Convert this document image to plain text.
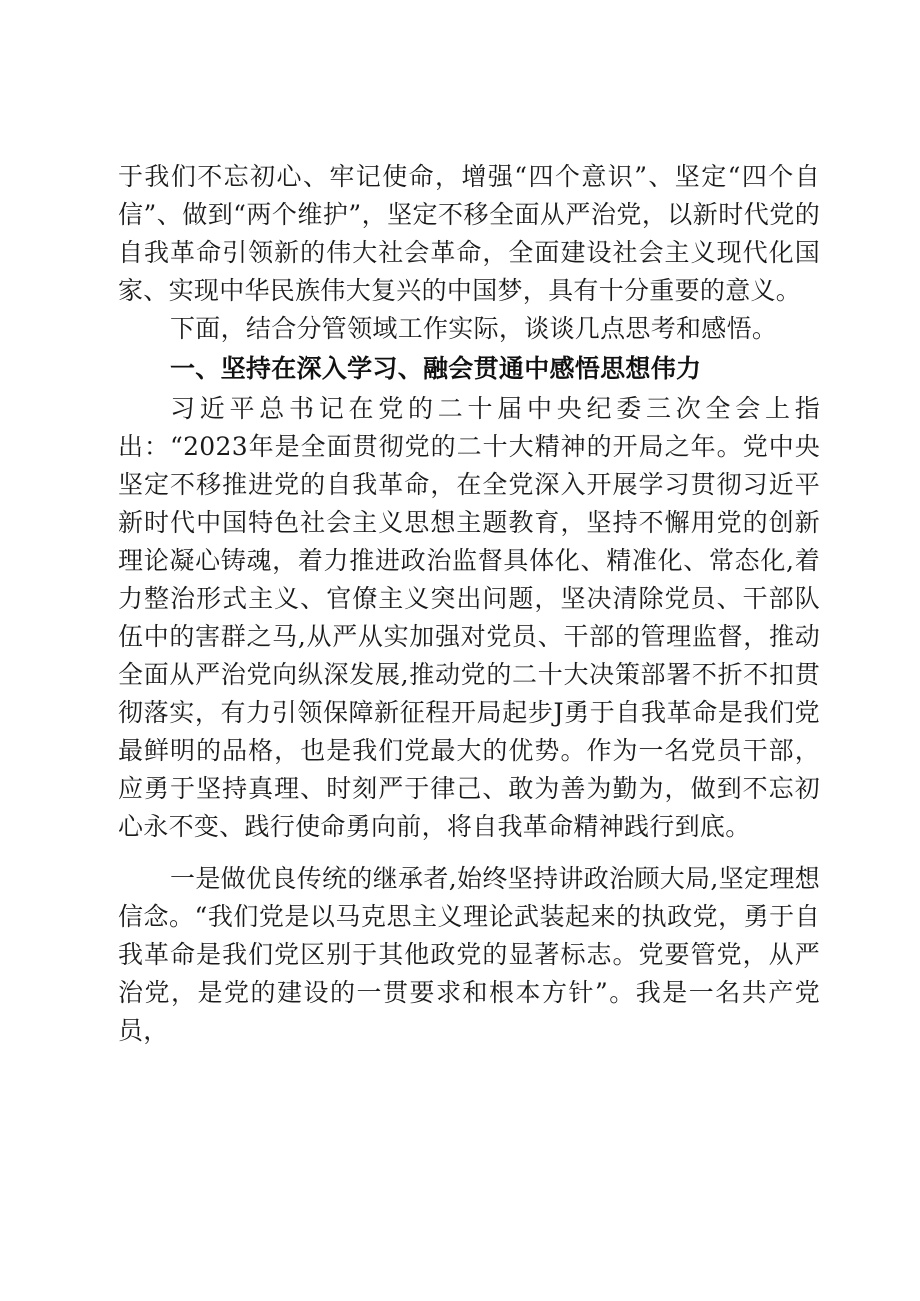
于我们不忘初心、牢记使命，增强“四个意识”、坚定“四个自信”、做到“两个维护”，坚定不移全面从严治党，以新时代党的自我革命引领新的伟大社会革命，全面建设社会主义现代化国家、实现中华民族伟大复兴的中国梦，具有十分重要的意义。

下面，结合分管领域工作实际，谈谈几点思考和感悟。

一、坚持在深入学习、融会贯通中感悟思想伟力

习近平总书记在党的二十届中央纪委三次全会上指出：“2023年是全面贯彻党的二十大精神的开局之年。党中央坚定不移推进党的自我革命，在全党深入开展学习贯彻习近平新时代中国特色社会主义思想主题教育，坚持不懈用党的创新理论凝心铸魂，着力推进政治监督具体化、精准化、常态化,着力整治形式主义、官僚主义突出问题，坚决清除党员、干部队伍中的害群之马,从严从实加强对党员、干部的管理监督，推动全面从严治党向纵深发展,推动党的二十大决策部署不折不扣贯彻落实，有力引领保障新征程开局起步J勇于自我革命是我们党最鲜明的品格，也是我们党最大的优势。作为一名党员干部，应勇于坚持真理、时刻严于律己、敢为善为勤为，做到不忘初心永不变、践行使命勇向前，将自我革命精神践行到底。

一是做优良传统的继承者,始终坚持讲政治顾大局,坚定理想信念。“我们党是以马克思主义理论武装起来的执政党，勇于自我革命是我们党区别于其他政党的显著标志。党要管党，从严治党，是党的建设的一贯要求和根本方针”。我是一名共产党员，
